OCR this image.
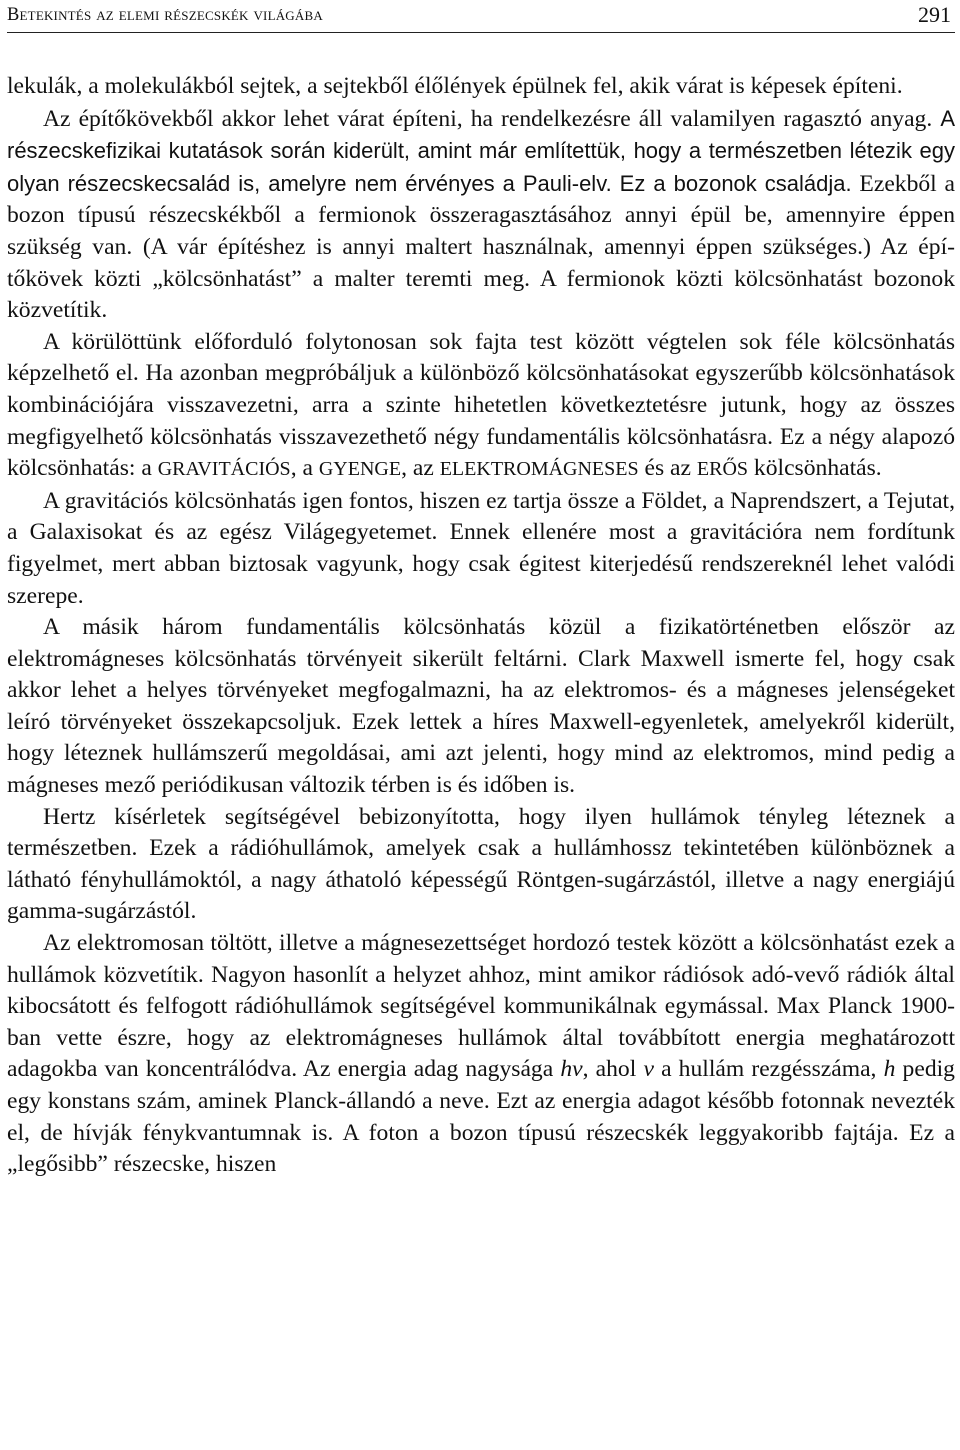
Betekintés az elemi részecskék világába	291

lekulák, a molekulákból sejtek, a sejtekből élőlények épülnek fel, akik várat is képesek építeni.

Az építőkövekből akkor lehet várat építeni, ha rendelkezésre áll valamilyen ragasztó anyag. A részecskefizikai kutatások során kiderült, amint már említettük, hogy a természetben létezik egy olyan részecskecsalád is, amelyre nem érvényes a Pauli-elv. Ez a bozonok családja. Ezekből a bozon típusú részecskékből a fermionok összeragasztásához annyi épül be, amennyire éppen szükség van. (A vár építéshez is annyi maltert használnak, amennyi éppen szükséges.) Az építőkövek közti „kölcsönhatást” a malter teremti meg. A fermionok közti kölcsönhatást bozonok közvetítik.

A körülöttünk előforduló folytonosan sok fajta test között végtelen sok féle kölcsönhatás képzelhető el. Ha azonban megpróbáljuk a különböző kölcsönhatásokat egyszerűbb kölcsönhatások kombinációjára visszavezetni, arra a szinte hihetetlen következtetésre jutunk, hogy az összes megfigyelhető kölcsönhatás visszavezethető négy fundamentális kölcsönhatásra. Ez a négy alapozó kölcsönhatás: a GRAVITÁCIÓS, a GYENGE, az ELEKTROMÁGNESES és az ERŐS kölcsönhatás.

A gravitációs kölcsönhatás igen fontos, hiszen ez tartja össze a Földet, a Naprendszert, a Tejutat, a Galaxisokat és az egész Világegyetemet. Ennek ellenére most a gravitációra nem fordítunk figyelmet, mert abban biztosak vagyunk, hogy csak égitest kiterjedésű rendszereknél lehet valódi szerepe.

A másik három fundamentális kölcsönhatás közül a fizikatörténetben először az elektromágneses kölcsönhatás törvényeit sikerült feltárni. Clark Maxwell ismerte fel, hogy csak akkor lehet a helyes törvényeket megfogalmazni, ha az elektromos- és a mágneses jelenségeket leíró törvényeket összekapcsoljuk. Ezek lettek a híres Maxwell-egyenletek, amelyekről kiderült, hogy léteznek hullámszerű megoldásai, ami azt jelenti, hogy mind az elektromos, mind pedig a mágneses mező periódikusan változik térben is és időben is.

Hertz kísérletek segítségével bebizonyította, hogy ilyen hullámok tényleg léteznek a természetben. Ezek a rádióhullámok, amelyek csak a hullámhossz tekintetében különböznek a látható fényhullámoktól, a nagy áthatoló képességű Röntgen-sugárzástól, illetve a nagy energiájú gamma-sugárzástól.

Az elektromosan töltött, illetve a mágnesezettséget hordozó testek között a kölcsönhatást ezek a hullámok közvetítik. Nagyon hasonlít a helyzet ahhoz, mint amikor rádiósok adó-vevő rádiók által kibocsátott és felfogott rádióhullámok segítségével kommunikálnak egymással. Max Planck 1900-ban vette észre, hogy az elektromágneses hullámok által továbbított energia meghatározott adagokba van koncentrálódva. Az energia adag nagysága hν, ahol ν a hullám rezgésszáma, h pedig egy konstans szám, aminek Planck-állandó a neve. Ezt az energia adagot később fotonnak nevezték el, de hívják fénykvantumnak is. A foton a bozon típusú részecskék leggyakoribb fajtája. Ez a „legősibb” részecske, hiszen
